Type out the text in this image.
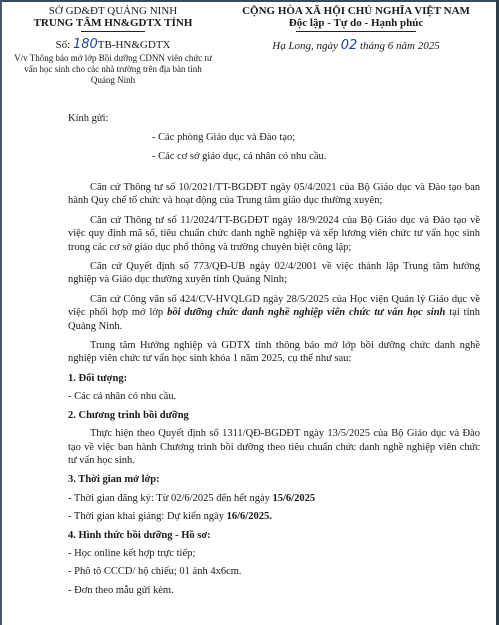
SỞ GD&ĐT QUẢNG NINH
TRUNG TÂM HN&GDTX TỈNH
Số: 180TB-HN&GDTX
V/v Thông báo mở lớp Bồi dưỡng CDNN viên chức tư vấn học sinh cho các nhà trường trên địa bàn tỉnh Quảng Ninh
CỘNG HÒA XÃ HỘI CHỦ NGHĨA VIỆT NAM
Độc lập - Tự do - Hạnh phúc
Hạ Long, ngày 02 tháng 6 năm 2025
Kính gửi:
- Các phòng Giáo dục và Đào tạo;
- Các cơ sở giáo dục, cá nhân có nhu cầu.

Căn cứ Thông tư số 10/2021/TT-BGDĐT ngày 05/4/2021 của Bộ Giáo dục và Đào tạo ban hành Quy chế tổ chức và hoạt động của Trung tâm giáo dục thường xuyên;

Căn cứ Thông tư số 11/2024/TT-BGDĐT ngày 18/9/2024 của Bộ Giáo dục và Đào tạo về việc quy định mã số, tiêu chuẩn chức danh nghề nghiệp và xếp lương viên chức tư vấn học sinh trong các cơ sở giáo dục phổ thông và trường chuyên biệt công lập;

Căn cứ Quyết định số 773/QĐ-UB ngày 02/4/2001 về việc thành lập Trung tâm hướng nghiệp và Giáo dục thường xuyên tỉnh Quảng Ninh;

Căn cứ Công văn số 424/CV-HVQLGD ngày 28/5/2025 của Học viện Quản lý Giáo dục về việc phối hợp mở lớp bồi dưỡng chức danh nghề nghiệp viên chức tư vấn học sinh tại tỉnh Quảng Ninh.

Trung tâm Hướng nghiệp và GDTX tỉnh thông báo mở lớp bồi dưỡng chức danh nghề nghiệp viên chức tư vấn học sinh khóa 1 năm 2025, cụ thể như sau:

1. Đối tượng:
- Các cá nhân có nhu cầu.
2. Chương trình bồi dưỡng

Thực hiện theo Quyết định số 1311/QĐ-BGDĐT ngày 13/5/2025 của Bộ Giáo dục và Đào tạo về việc ban hành Chương trình bồi dưỡng theo tiêu chuẩn chức danh nghề nghiệp viên chức tư vấn học sinh.

3. Thời gian mở lớp:
- Thời gian đăng ký: Từ 02/6/2025 đến hết ngày 15/6/2025
- Thời gian khai giảng: Dự kiến ngày 16/6/2025.
4. Hình thức bồi dưỡng - Hồ sơ:
- Học online kết hợp trực tiếp;
- Phô tô CCCD/ hộ chiếu; 01 ảnh 4x6cm.
- Đơn theo mẫu gửi kèm.
